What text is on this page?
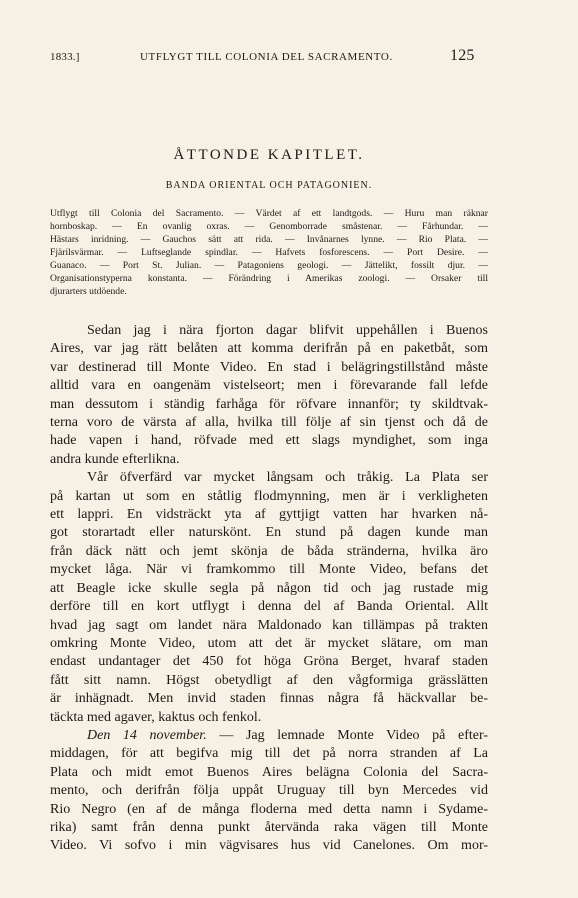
1833.]	UTFLYGT TILL COLONIA DEL SACRAMENTO.	125
ÅTTONDE KAPITLET.
BANDA ORIENTAL OCH PATAGONIEN.
Utflygt till Colonia del Sacramento. — Värdet af ett landtgods. — Huru man räknar
hornboskap. — En ovanlig oxras. — Genomborrade småstenar. — Fårhundar. —
Hästars inridning. — Gauchos sätt att rida. — Invånarnes lynne. — Rio Plata. —
Fjärilsvärmar. — Luftseglande spindlar. — Hafvets fosforescens. — Port Desire. —
Guanaco. — Port St. Julian. — Patagoniens geologi. — Jättelikt, fossilt djur. —
Organisationstyperna konstanta. — Förändring i Amerikas zoologi. — Orsaker till
djurarters utdöende.
Sedan jag i nära fjorton dagar blifvit uppehållen i Buenos
Aires, var jag rätt belåten att komma derifrån på en paketbåt, som
var destinerad till Monte Video. En stad i belägringstillstånd måste
alltid vara en oangenäm vistelseort; men i förevarande fall lefde
man dessutom i ständig farhåga för röfvare innanför; ty skildtvak-
terna voro de värsta af alla, hvilka till följe af sin tjenst och då de
hade vapen i hand, röfvade med ett slags myndighet, som inga
andra kunde efterlikna.
Vår öfverfärd var mycket långsam och tråkig. La Plata ser
på kartan ut som en ståtlig flodmynning, men är i verkligheten
ett lappri. En vidsträckt yta af gyttjigt vatten har hvarken nå-
got storartadt eller naturskönt. En stund på dagen kunde man
från däck nätt och jemt skönja de båda stränderna, hvilka äro
mycket låga. När vi framkommo till Monte Video, befans det
att Beagle icke skulle segla på någon tid och jag rustade mig
derföre till en kort utflygt i denna del af Banda Oriental. Allt
hvad jag sagt om landet nära Maldonado kan tillämpas på trakten
omkring Monte Video, utom att det är mycket slätare, om man
endast undantager det 450 fot höga Gröna Berget, hvaraf staden
fått sitt namn. Högst obetydligt af den vågformiga grässlätten
är inhägnadt. Men invid staden finnas några få häckvallar be-
täckta med agaver, kaktus och fenkol.
Den 14 november. — Jag lemnade Monte Video på efter-
middagen, för att begifva mig till det på norra stranden af La
Plata och midt emot Buenos Aires belägna Colonia del Sacra-
mento, och derifrån följa uppåt Uruguay till byn Mercedes vid
Rio Negro (en af de många floderna med detta namn i Sydame-
rika) samt från denna punkt återvända raka vägen till Monte
Video. Vi sofvo i min vägvisares hus vid Canelones. Om mor-
